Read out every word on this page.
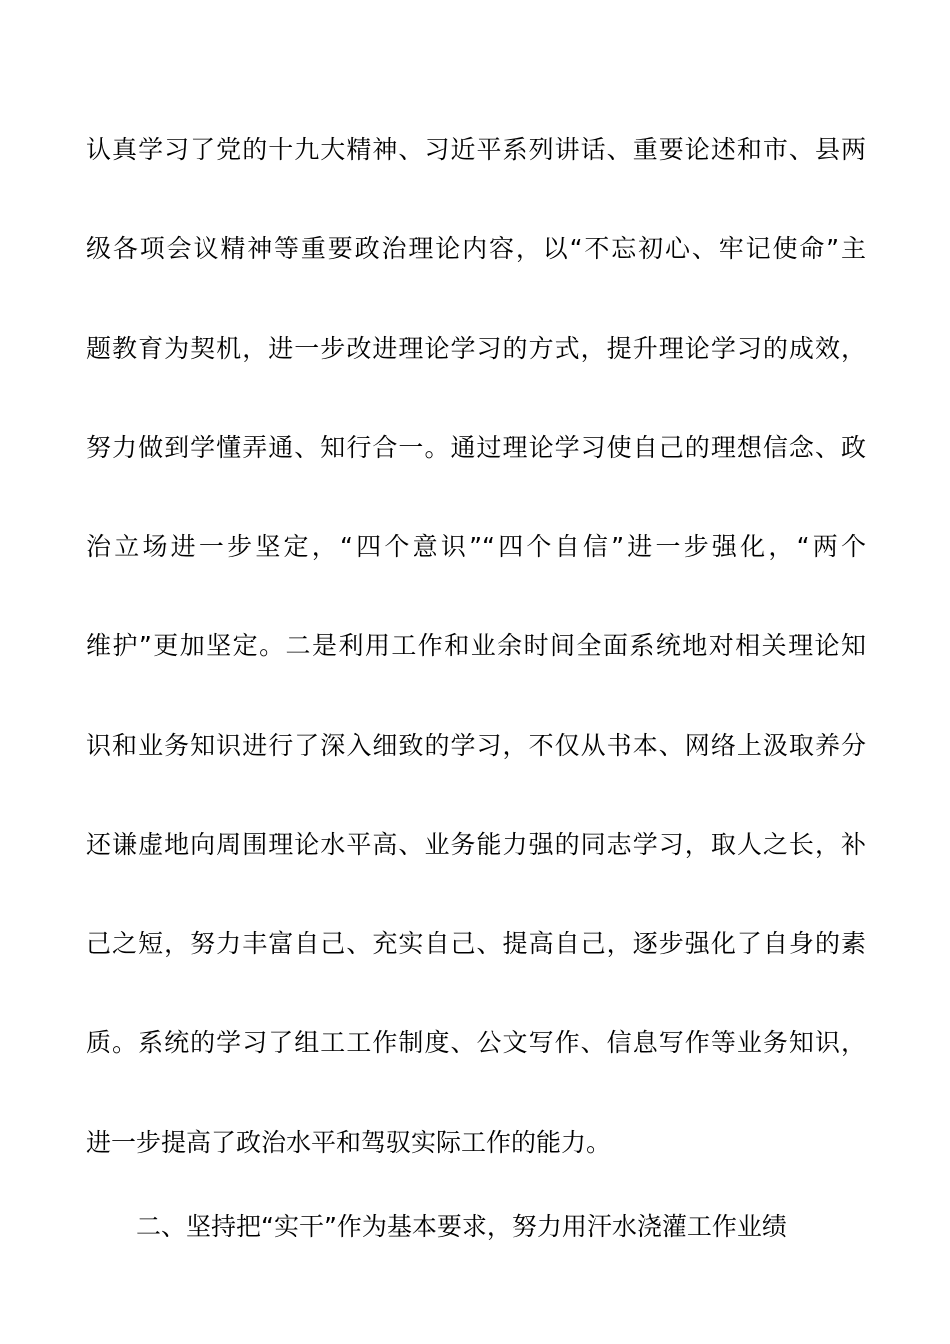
认真学习了党的十九大精神、习近平系列讲话、重要论述和市、县两
级各项会议精神等重要政治理论内容，以“不忘初心、牢记使命”主
题教育为契机，进一步改进理论学习的方式，提升理论学习的成效，
努力做到学懂弄通、知行合一。通过理论学习使自己的理想信念、政
治立场进一步坚定，“四个意识”“四个自信”进一步强化，“两个
维护”更加坚定。二是利用工作和业余时间全面系统地对相关理论知
识和业务知识进行了深入细致的学习，不仅从书本、网络上汲取养分
还谦虚地向周围理论水平高、业务能力强的同志学习，取人之长，补
己之短，努力丰富自己、充实自己、提高自己，逐步强化了自身的素
质。系统的学习了组工工作制度、公文写作、信息写作等业务知识，
进一步提高了政治水平和驾驭实际工作的能力。
二、坚持把“实干”作为基本要求，努力用汗水浇灌工作业绩
